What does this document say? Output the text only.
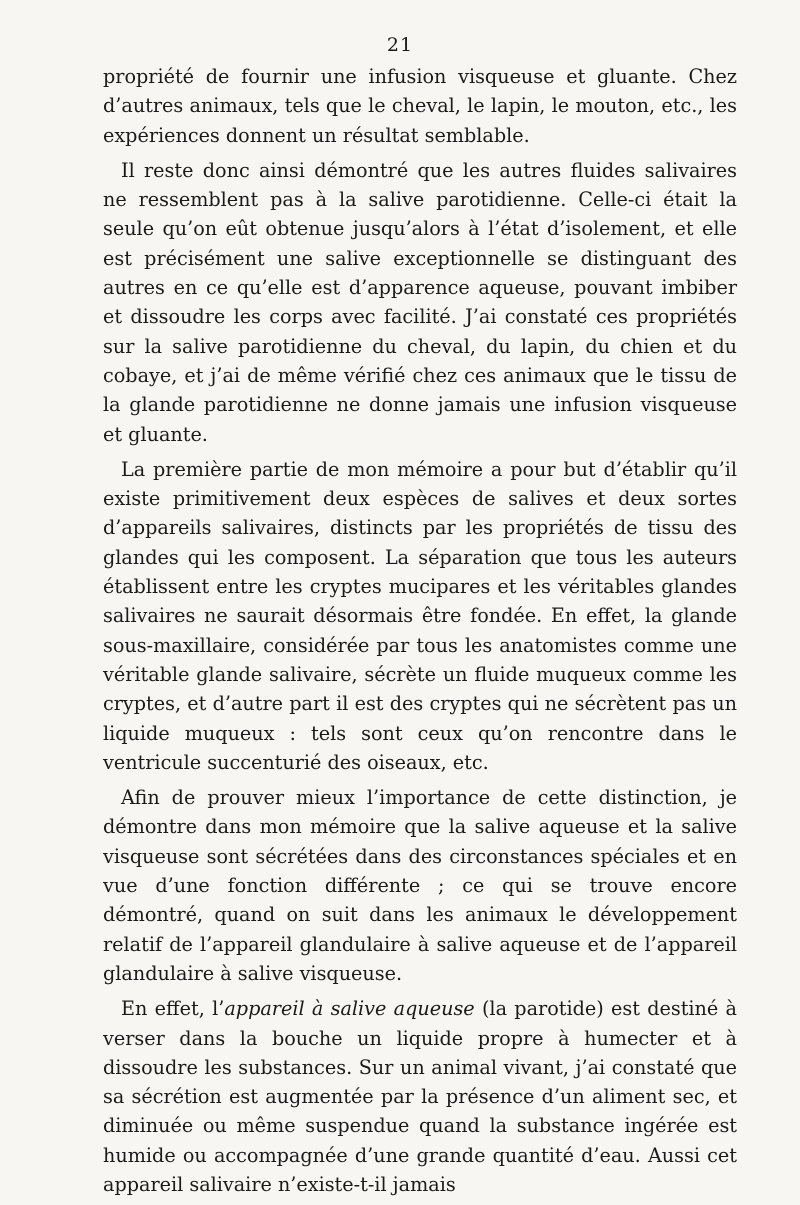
21

propriété de fournir une infusion visqueuse et gluante. Chez d’autres animaux, tels que le cheval, le lapin, le mouton, etc., les expériences donnent un résultat semblable.

Il reste donc ainsi démontré que les autres fluides salivaires ne ressemblent pas à la salive parotidienne. Celle-ci était la seule qu’on eût obtenue jusqu’alors à l’état d’isolement, et elle est précisément une salive exceptionnelle se distinguant des autres en ce qu’elle est d’apparence aqueuse, pouvant imbiber et dissoudre les corps avec facilité. J’ai constaté ces propriétés sur la salive parotidienne du cheval, du lapin, du chien et du cobaye, et j’ai de même vérifié chez ces animaux que le tissu de la glande parotidienne ne donne jamais une infusion visqueuse et gluante.

La première partie de mon mémoire a pour but d’établir qu’il existe primitivement deux espèces de salives et deux sortes d’appareils salivaires, distincts par les propriétés de tissu des glandes qui les composent. La séparation que tous les auteurs établissent entre les cryptes mucipares et les véritables glandes salivaires ne saurait désormais être fondée. En effet, la glande sous-maxillaire, considérée par tous les anatomistes comme une véritable glande salivaire, sécrète un fluide muqueux comme les cryptes, et d’autre part il est des cryptes qui ne sécrètent pas un liquide muqueux : tels sont ceux qu’on rencontre dans le ventricule succenturié des oiseaux, etc.

Afin de prouver mieux l’importance de cette distinction, je démontre dans mon mémoire que la salive aqueuse et la salive visqueuse sont sécrétées dans des circonstances spéciales et en vue d’une fonction différente ; ce qui se trouve encore démontré, quand on suit dans les animaux le développement relatif de l’appareil glandulaire à salive aqueuse et de l’appareil glandulaire à salive visqueuse.

En effet, l’appareil à salive aqueuse (la parotide) est destiné à verser dans la bouche un liquide propre à humecter et à dissoudre les substances. Sur un animal vivant, j’ai constaté que sa sécrétion est augmentée par la présence d’un aliment sec, et diminuée ou même suspendue quand la substance ingérée est humide ou accompagnée d’une grande quantité d’eau. Aussi cet appareil salivaire n’existe-t-il jamais
